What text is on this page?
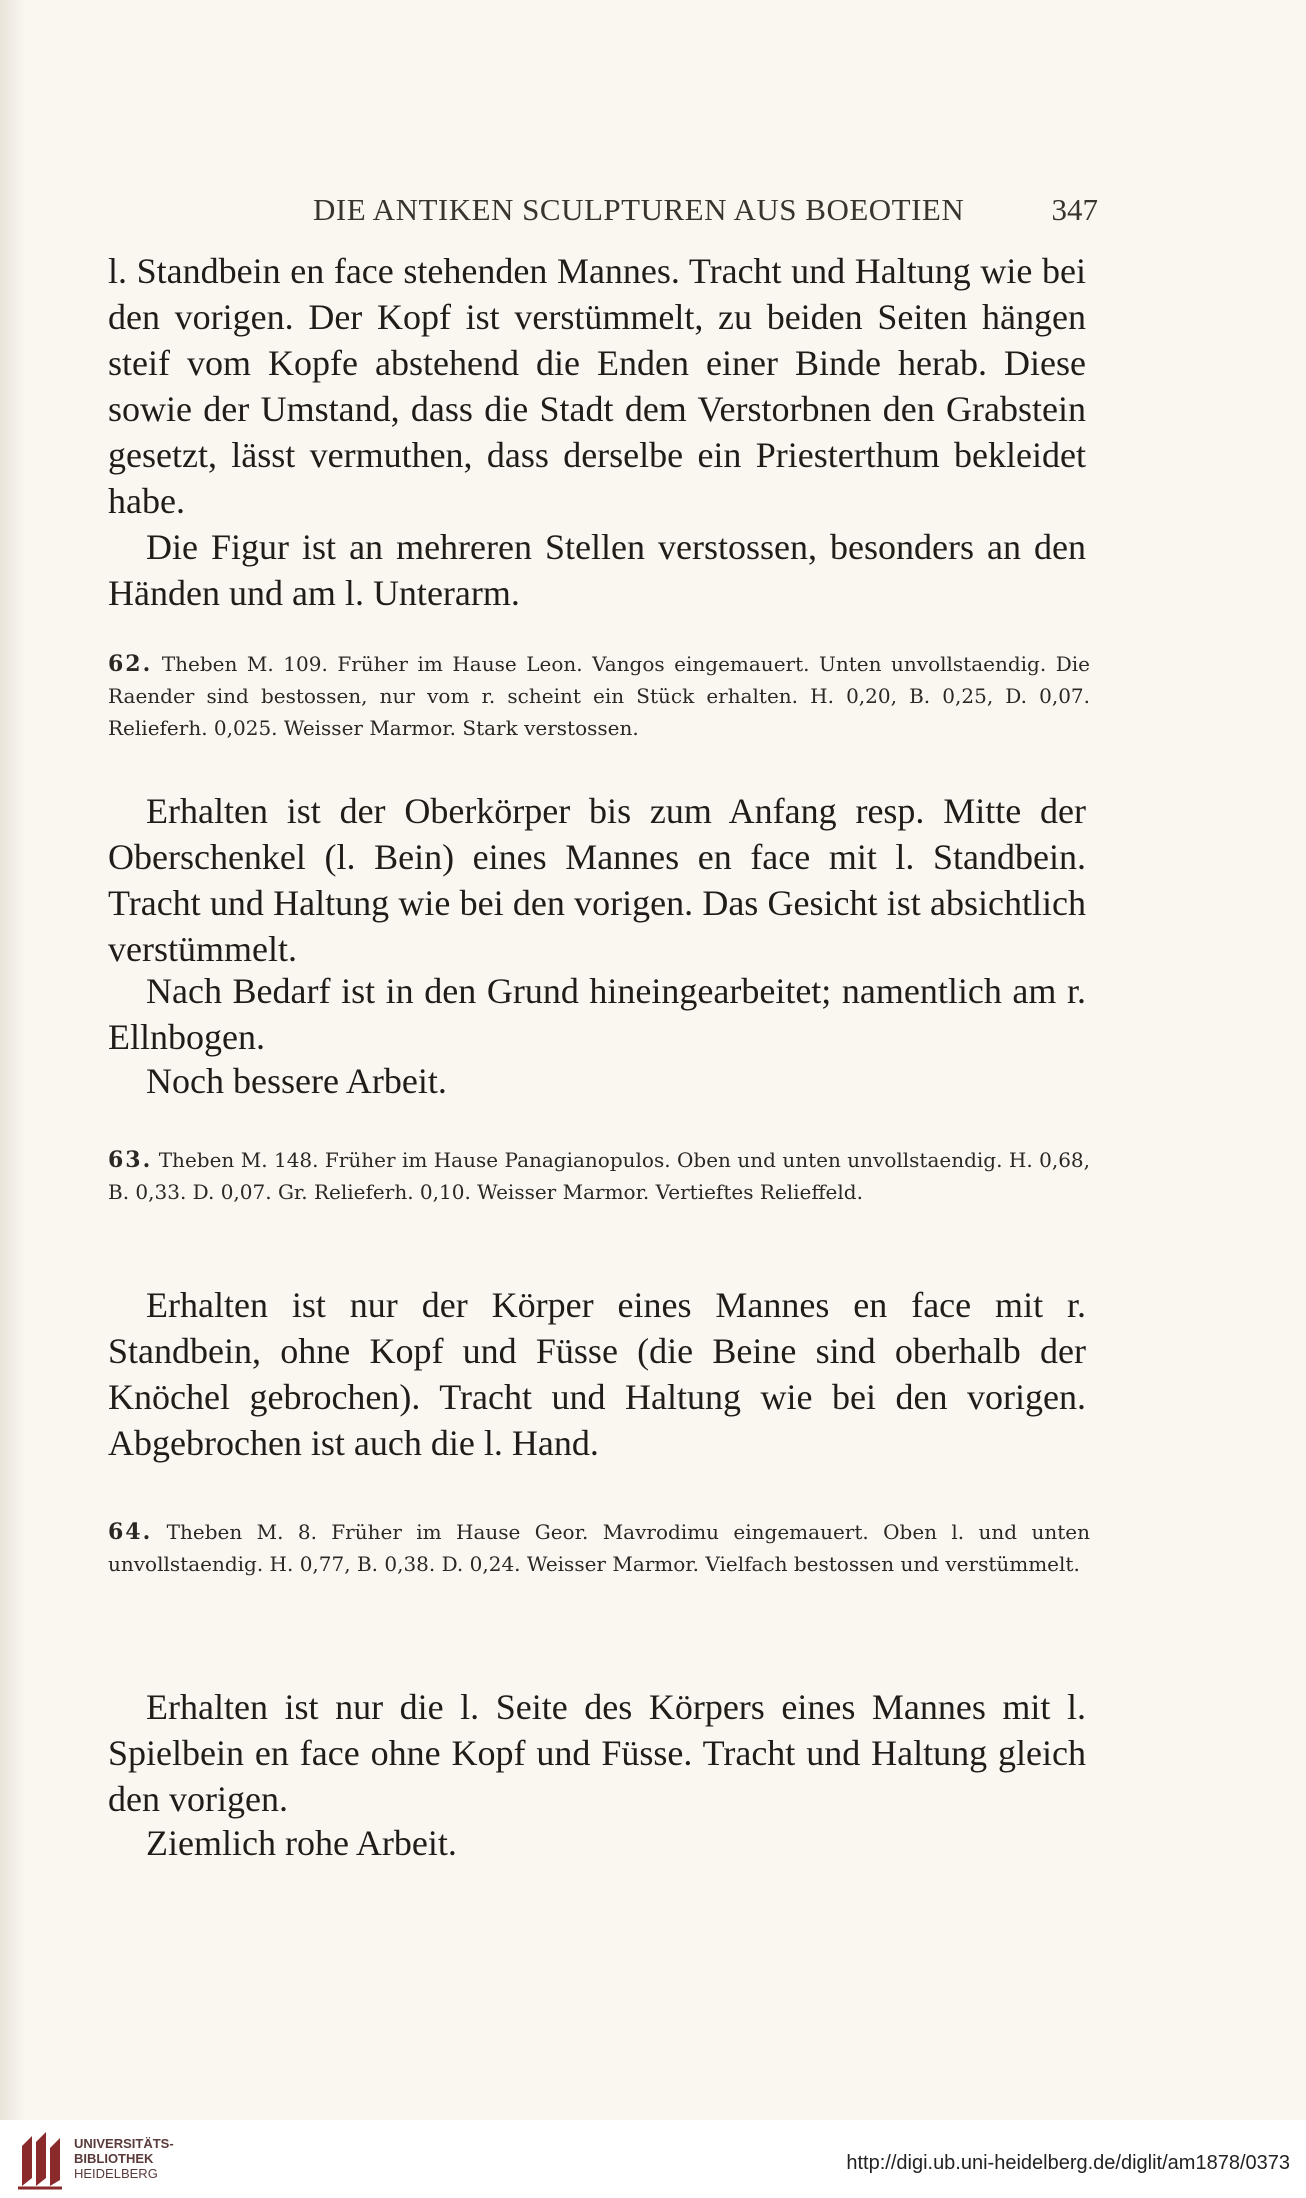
DIE ANTIKEN SCULPTUREN AUS BOEOTIEN	347

l. Standbein en face stehenden Mannes. Tracht und Haltung wie bei den vorigen. Der Kopf ist verstümmelt, zu beiden Seiten hängen steif vom Kopfe abstehend die Enden einer Binde herab. Diese sowie der Umstand, dass die Stadt dem Verstorbnen den Grabstein gesetzt, lässt vermuthen, dass derselbe ein Priesterthum bekleidet habe.

Die Figur ist an mehreren Stellen verstossen, besonders an den Händen und am l. Unterarm.

62. Theben M. 109. Früher im Hause Leon. Vangos eingemauert. Unten unvollstaendig. Die Raender sind bestossen, nur vom r. scheint ein Stück erhalten. H. 0,20, B. 0,25, D. 0,07. Relieferh. 0,025. Weisser Marmor. Stark verstossen.

Erhalten ist der Oberkörper bis zum Anfang resp. Mitte der Oberschenkel (l. Bein) eines Mannes en face mit l. Standbein. Tracht und Haltung wie bei den vorigen. Das Gesicht ist absichtlich verstümmelt.

Nach Bedarf ist in den Grund hineingearbeitet; namentlich am r. Ellnbogen.

Noch bessere Arbeit.

63. Theben M. 148. Früher im Hause Panagianopulos. Oben und unten unvollstaendig. H. 0,68, B. 0,33. D. 0,07. Gr. Relieferh. 0,10. Weisser Marmor. Vertieftes Relieffeld.

Erhalten ist nur der Körper eines Mannes en face mit r. Standbein, ohne Kopf und Füsse (die Beine sind oberhalb der Knöchel gebrochen). Tracht und Haltung wie bei den vorigen. Abgebrochen ist auch die l. Hand.

64. Theben M. 8. Früher im Hause Geor. Mavrodimu eingemauert. Oben l. und unten unvollstaendig. H. 0,77, B. 0,38. D. 0,24. Weisser Marmor. Vielfach bestossen und verstümmelt.

Erhalten ist nur die l. Seite des Körpers eines Mannes mit l. Spielbein en face ohne Kopf und Füsse. Tracht und Haltung gleich den vorigen.

Ziemlich rohe Arbeit.

UNIVERSITÄTS-
BIBLIOTHEK
HEIDELBERG	http://digi.ub.uni-heidelberg.de/diglit/am1878/0373
